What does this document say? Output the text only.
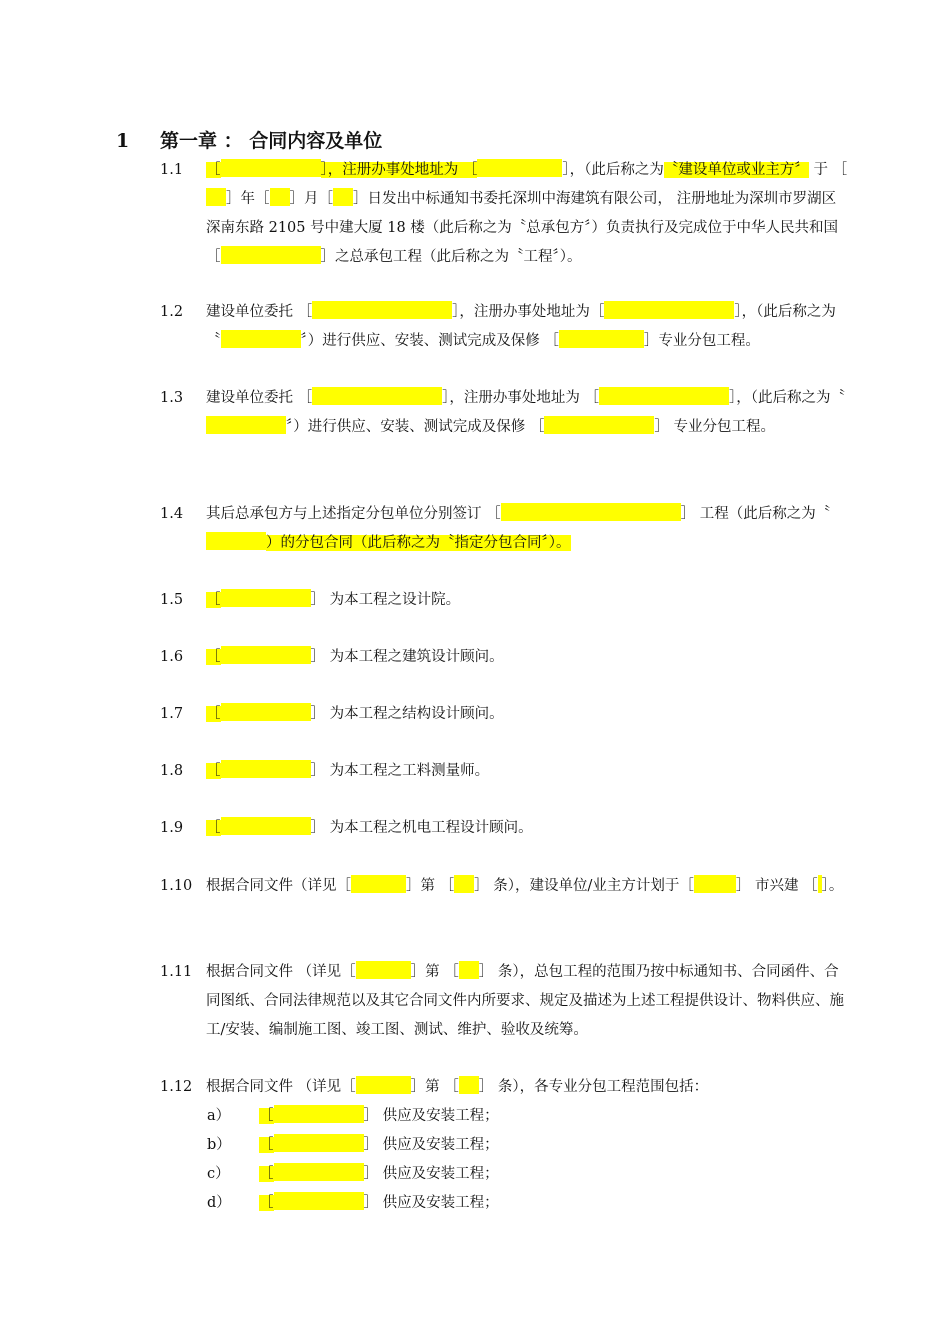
1 第一章 ： 合同内容及单位
1.1 ［	］，注册办事处地址为 ［	］，（此后称之为〝建设单位或业主方〞 于 ［］年［ ］月［ ］日发出中标通知书委托深圳中海建筑有限公司， 注册地址为深圳市罗湖区深南东路 2105 号中建大厦 18 楼（此后称之为〝总承包方〞）负责执行及完成位于中华人民共和国 ［	］之总承包工程（此后称之为〝工程〞）。
1.2 建设单位委托 ［	］，注册办事处地址为［	］，（此后称之为〝	〞）进行供应、安装、测试完成及保修 ［	］专业分包工程。
1.3 建设单位委托 ［	］，注册办事处地址为 ［	］，（此后称之为〝〞）进行供应、安装、测试完成及保修 ［	］ 专业分包工程。
1.4 其后总承包方与上述指定分包单位分别签订 ［	］ 工程（此后称之为〝）的分包合同（此后称之为〝指定分包合同〞）。
1.5 ［	］ 为本工程之设计院。
1.6 ［	］ 为本工程之建筑设计顾问。
1.7 ［	］ 为本工程之结构设计顾问。
1.8 ［	］ 为本工程之工料测量师。
1.9 ［	］ 为本工程之机电工程设计顾问。
1.10 根据合同文件（详见［	］第 ［ ］ 条），建设单位/业主方计划于［	］ 市兴建 ［ ］。
1.11 根据合同文件 （详见［	］第 ［ ］ 条），总包工程的范围乃按中标通知书、合同函件、合同图纸、合同法律规范以及其它合同文件内所要求、规定及描述为上述工程提供设计、物料供应、施工/安装、编制施工图、竣工图、测试、维护、验收及统筹。
1.12 根据合同文件 （详见［	］第 ［ ］ 条），各专业分包工程范围包括：
a） ［	］ 供应及安装工程；
b） ［	］ 供应及安装工程；
c） ［	］ 供应及安装工程；
d） ［	］ 供应及安装工程；
